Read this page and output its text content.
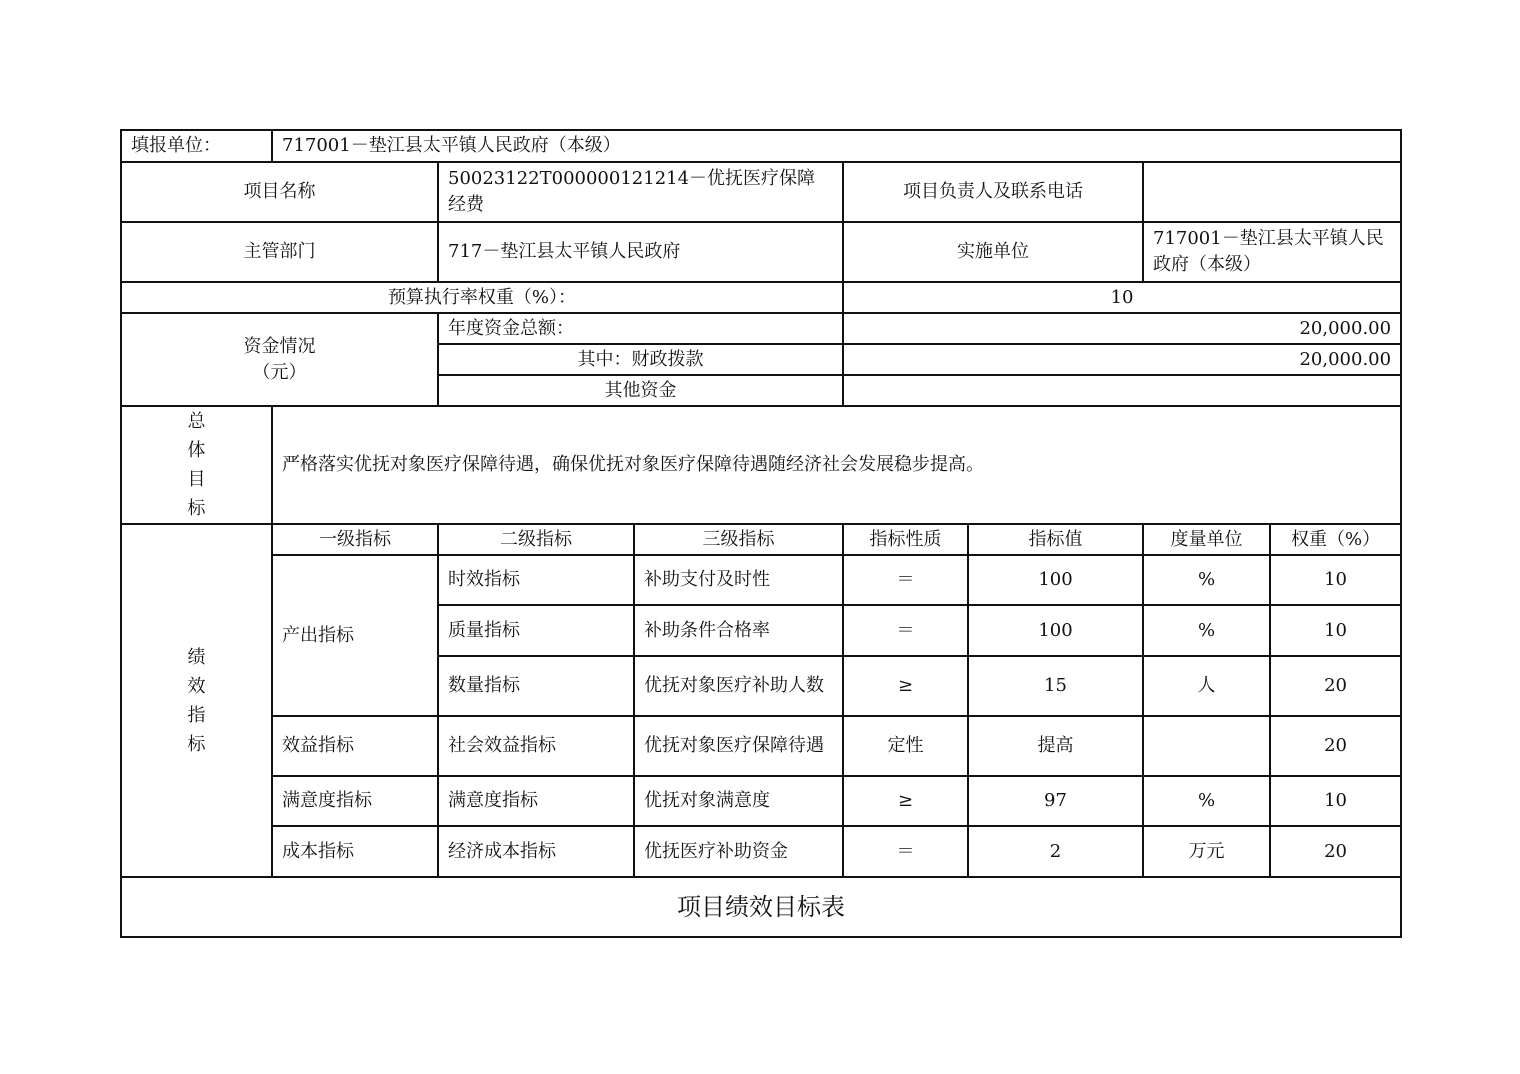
填报单位：	717001－垫江县太平镇人民政府（本级）						
项目名称		50023122T000000121214－优抚医疗保障经费		项目负责人及联系电话			
主管部门		717－垫江县太平镇人民政府		实施单位		717001－垫江县太平镇人民政府（本级）	
预算执行率权重（%）：				10			

资金情况
（元）		年度资金总额：		20,000.00			
		其中：财政拨款		20,000.00			
		其他资金					

总
体
目
标	严格落实优抚对象医疗保障待遇，确保优抚对象医疗保障待遇随经济社会发展稳步提高。						

绩
效
指
标	一级指标	二级指标	三级指标	指标性质	指标值	度量单位	权重（%）
	产出指标	时效指标	补助支付及时性	＝	100	%	10
		质量指标	补助条件合格率	＝	100	%	10
		数量指标	优抚对象医疗补助人数	≥	15	人	20
	效益指标	社会效益指标	优抚对象医疗保障待遇	定性	提高		20
	满意度指标	满意度指标	优抚对象满意度	≥	97	%	10
	成本指标	经济成本指标	优抚医疗补助资金	＝	2	万元	20
项目绩效目标表							
